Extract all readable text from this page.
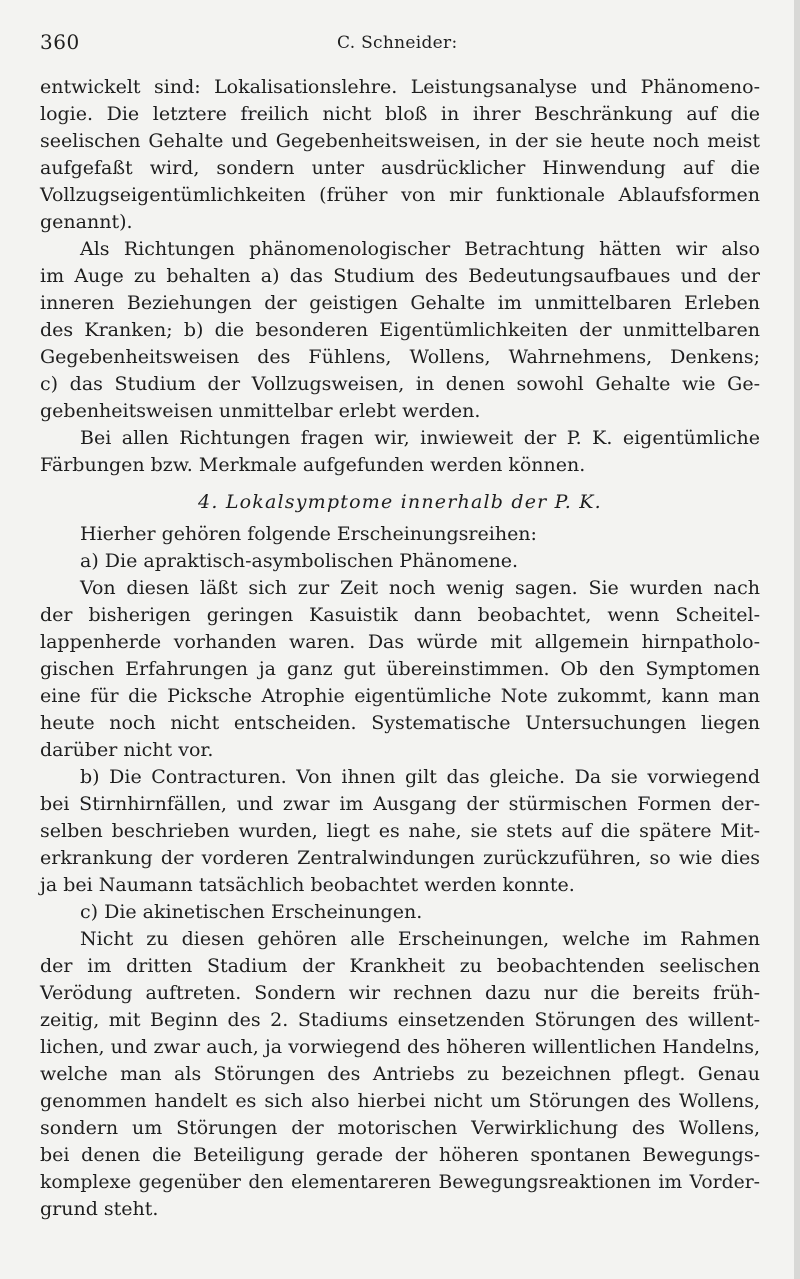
360	C. Schneider:
entwickelt sind: Lokalisationslehre. Leistungsanalyse und Phänomeno-
logie. Die letztere freilich nicht bloß in ihrer Beschränkung auf die
seelischen Gehalte und Gegebenheitsweisen, in der sie heute noch meist
aufgefaßt wird, sondern unter ausdrücklicher Hinwendung auf die
Vollzugseigentümlichkeiten (früher von mir funktionale Ablaufsformen
genannt).
Als Richtungen phänomenologischer Betrachtung hätten wir also
im Auge zu behalten a) das Studium des Bedeutungsaufbaues und der
inneren Beziehungen der geistigen Gehalte im unmittelbaren Erleben
des Kranken; b) die besonderen Eigentümlichkeiten der unmittelbaren
Gegebenheitsweisen des Fühlens, Wollens, Wahrnehmens, Denkens;
c) das Studium der Vollzugsweisen, in denen sowohl Gehalte wie Ge-
gebenheitsweisen unmittelbar erlebt werden.
Bei allen Richtungen fragen wir, inwieweit der P. K. eigentümliche
Färbungen bzw. Merkmale aufgefunden werden können.
4. Lokalsymptome innerhalb der P. K.
Hierher gehören folgende Erscheinungsreihen:
a) Die apraktisch-asymbolischen Phänomene.
Von diesen läßt sich zur Zeit noch wenig sagen. Sie wurden nach
der bisherigen geringen Kasuistik dann beobachtet, wenn Scheitel-
lappenherde vorhanden waren. Das würde mit allgemein hirnpatholo-
gischen Erfahrungen ja ganz gut übereinstimmen. Ob den Symptomen
eine für die Picksche Atrophie eigentümliche Note zukommt, kann man
heute noch nicht entscheiden. Systematische Untersuchungen liegen
darüber nicht vor.
b) Die Contracturen. Von ihnen gilt das gleiche. Da sie vorwiegend
bei Stirnhirnfällen, und zwar im Ausgang der stürmischen Formen der-
selben beschrieben wurden, liegt es nahe, sie stets auf die spätere Mit-
erkrankung der vorderen Zentralwindungen zurückzuführen, so wie dies
ja bei Naumann tatsächlich beobachtet werden konnte.
c) Die akinetischen Erscheinungen.
Nicht zu diesen gehören alle Erscheinungen, welche im Rahmen
der im dritten Stadium der Krankheit zu beobachtenden seelischen
Verödung auftreten. Sondern wir rechnen dazu nur die bereits früh-
zeitig, mit Beginn des 2. Stadiums einsetzenden Störungen des willent-
lichen, und zwar auch, ja vorwiegend des höheren willentlichen Handelns,
welche man als Störungen des Antriebs zu bezeichnen pflegt. Genau
genommen handelt es sich also hierbei nicht um Störungen des Wollens,
sondern um Störungen der motorischen Verwirklichung des Wollens,
bei denen die Beteiligung gerade der höheren spontanen Bewegungs-
komplexe gegenüber den elementareren Bewegungsreaktionen im Vorder-
grund steht.
